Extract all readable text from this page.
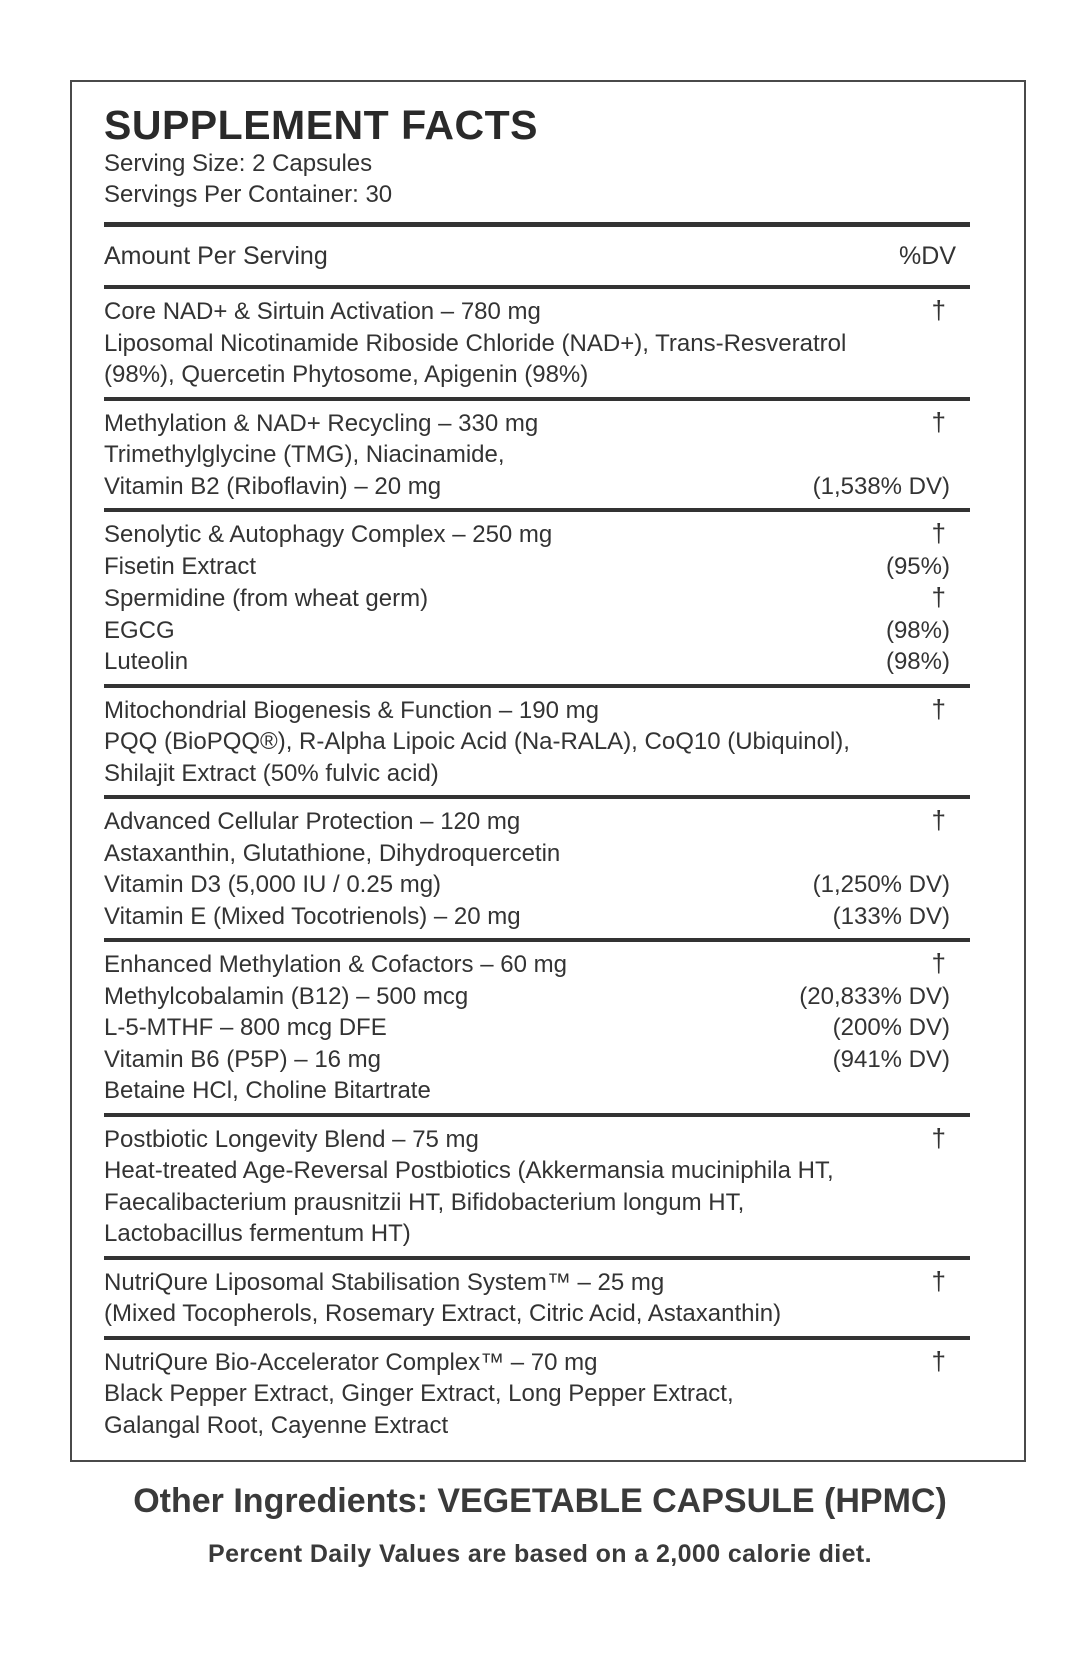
SUPPLEMENT FACTS
Serving Size: 2 Capsules
Servings Per Container: 30
Amount Per Serving	%DV
Core NAD+ & Sirtuin Activation – 780 mg	†
Liposomal Nicotinamide Riboside Chloride (NAD+), Trans-Resveratrol
(98%), Quercetin Phytosome, Apigenin (98%)
Methylation & NAD+ Recycling – 330 mg	†
Trimethylglycine (TMG), Niacinamide,
Vitamin B2 (Riboflavin) – 20 mg	(1,538% DV)
Senolytic & Autophagy Complex – 250 mg	†
Fisetin Extract	(95%)
Spermidine (from wheat germ)	†
EGCG	(98%)
Luteolin	(98%)
Mitochondrial Biogenesis & Function – 190 mg	†
PQQ (BioPQQ®), R-Alpha Lipoic Acid (Na-RALA), CoQ10 (Ubiquinol),
Shilajit Extract (50% fulvic acid)
Advanced Cellular Protection – 120 mg	†
Astaxanthin, Glutathione, Dihydroquercetin
Vitamin D3 (5,000 IU / 0.25 mg)	(1,250% DV)
Vitamin E (Mixed Tocotrienols) – 20 mg	(133% DV)
Enhanced Methylation & Cofactors – 60 mg	†
Methylcobalamin (B12) – 500 mcg	(20,833% DV)
L-5-MTHF – 800 mcg DFE	(200% DV)
Vitamin B6 (P5P) – 16 mg	(941% DV)
Betaine HCl, Choline Bitartrate
Postbiotic Longevity Blend – 75 mg	†
Heat-treated Age-Reversal Postbiotics (Akkermansia muciniphila HT,
Faecalibacterium prausnitzii HT, Bifidobacterium longum HT,
Lactobacillus fermentum HT)
NutriQure Liposomal Stabilisation System™ – 25 mg	†
(Mixed Tocopherols, Rosemary Extract, Citric Acid, Astaxanthin)
NutriQure Bio-Accelerator Complex™ – 70 mg	†
Black Pepper Extract, Ginger Extract, Long Pepper Extract,
Galangal Root, Cayenne Extract
Other Ingredients: VEGETABLE CAPSULE (HPMC)
Percent Daily Values are based on a 2,000 calorie diet.
